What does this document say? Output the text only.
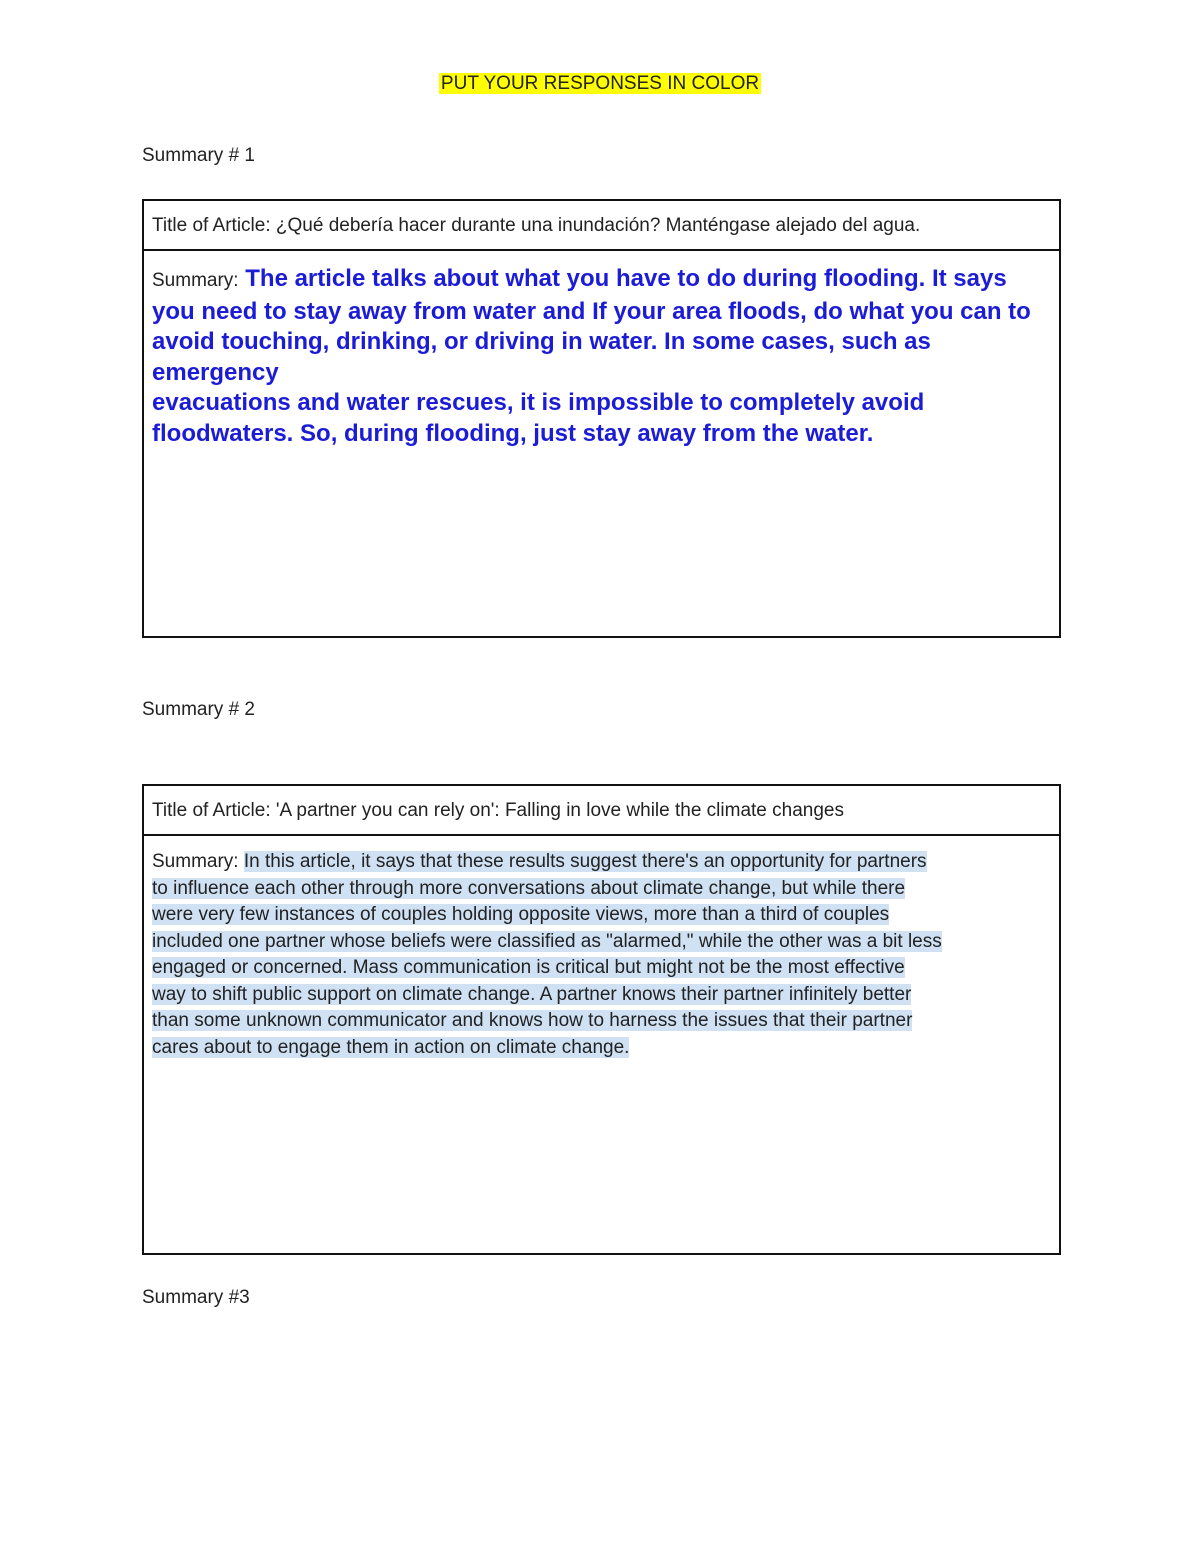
PUT YOUR RESPONSES IN COLOR
Summary # 1
Title of Article: ¿Qué debería hacer durante una inundación? Manténgase alejado del agua.
Summary: The article talks about what you have to do during flooding. It says
you need to stay away from water and If your area floods, do what you can to
avoid touching, drinking, or driving in water. In some cases, such as emergency
evacuations and water rescues, it is impossible to completely avoid
floodwaters. So, during flooding, just stay away from the water.
Summary # 2
Title of Article: 'A partner you can rely on': Falling in love while the climate changes
Summary: In this article, it says that these results suggest there's an opportunity for partners
to influence each other through more conversations about climate change, but while there
were very few instances of couples holding opposite views, more than a third of couples
included one partner whose beliefs were classified as "alarmed," while the other was a bit less
engaged or concerned. Mass communication is critical but might not be the most effective
way to shift public support on climate change. A partner knows their partner infinitely better
than some unknown communicator and knows how to harness the issues that their partner
cares about to engage them in action on climate change.
Summary #3
